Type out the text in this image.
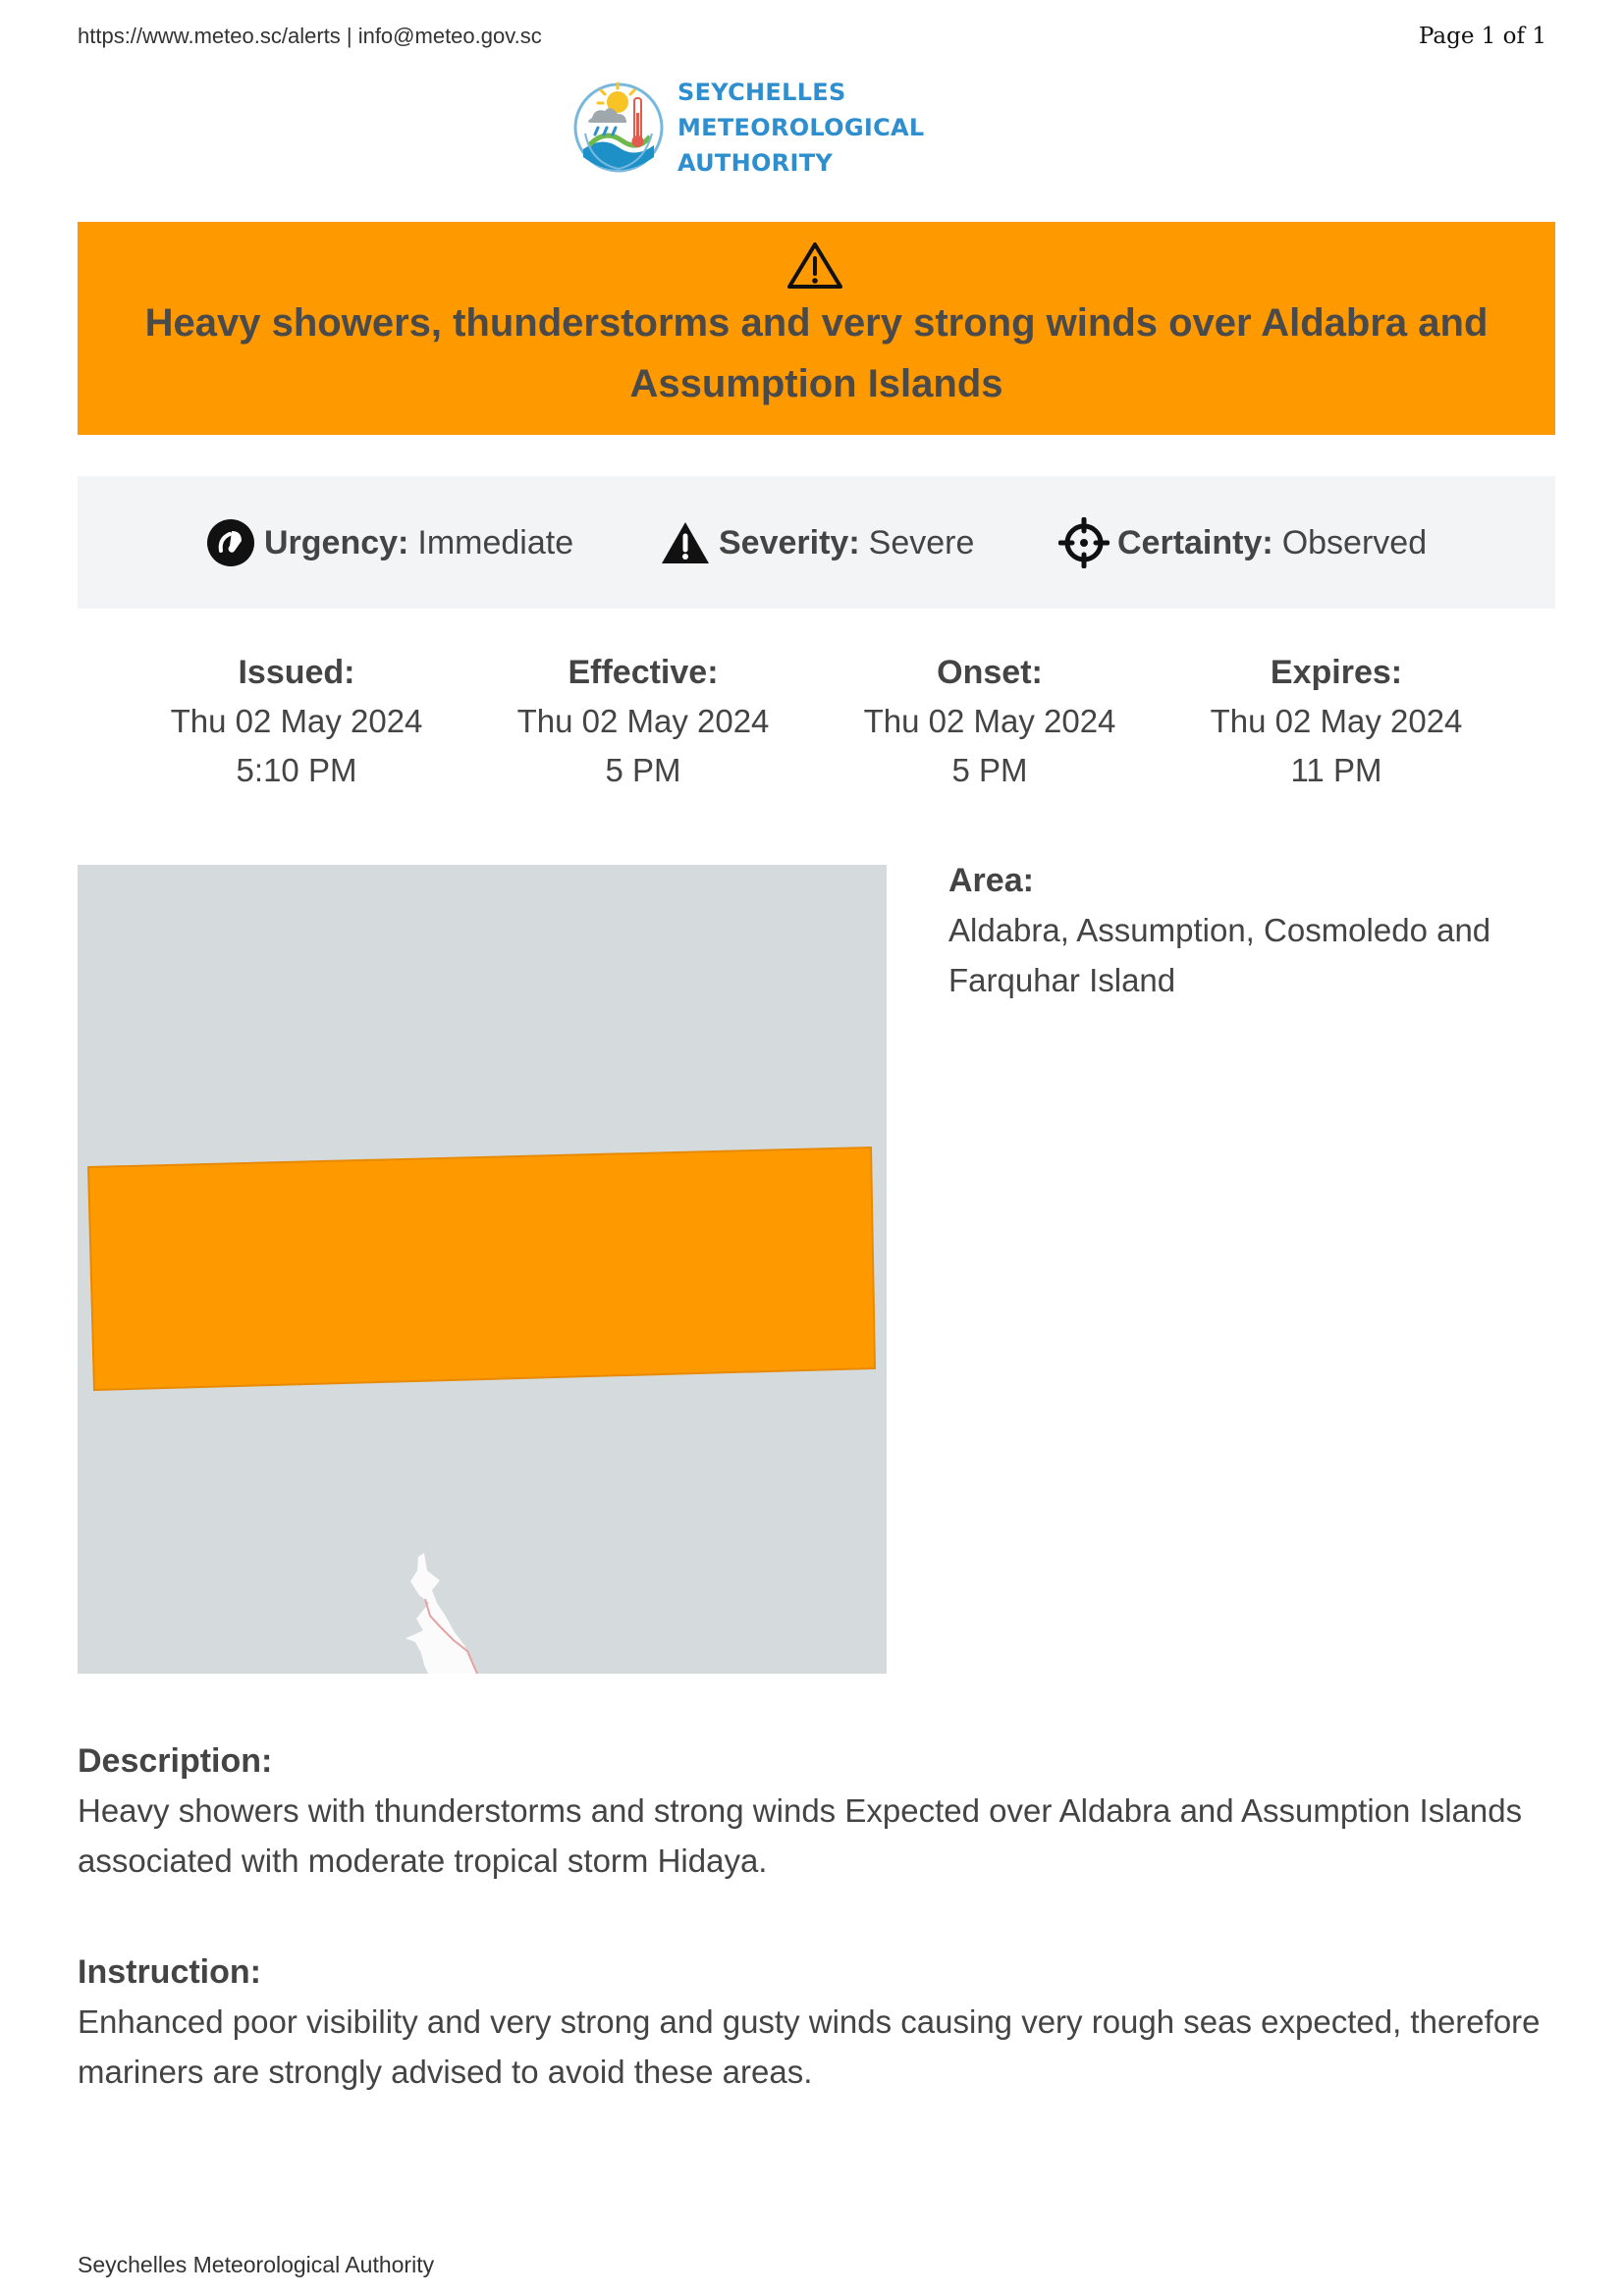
https://www.meteo.sc/alerts | info@meteo.gov.sc	Page 1 of 1
SEYCHELLES METEOROLOGICAL
AUTHORITY
Heavy showers, thunderstorms and very strong winds over Aldabra and Assumption Islands
Urgency: Immediate	Severity: Severe	Certainty: Observed
Issued:
Thu 02 May 2024
5:10 PM
Effective:
Thu 02 May 2024
5 PM
Onset:
Thu 02 May 2024
5 PM
Expires:
Thu 02 May 2024
11 PM
Area:
Aldabra, Assumption, Cosmoledo and Farquhar Island
Description:
Heavy showers with thunderstorms and strong winds Expected over Aldabra and Assumption Islands associated with moderate tropical storm Hidaya.
Instruction:
Enhanced poor visibility and very strong and gusty winds causing very rough seas expected, therefore mariners are strongly advised to avoid these areas.
Seychelles Meteorological Authority
